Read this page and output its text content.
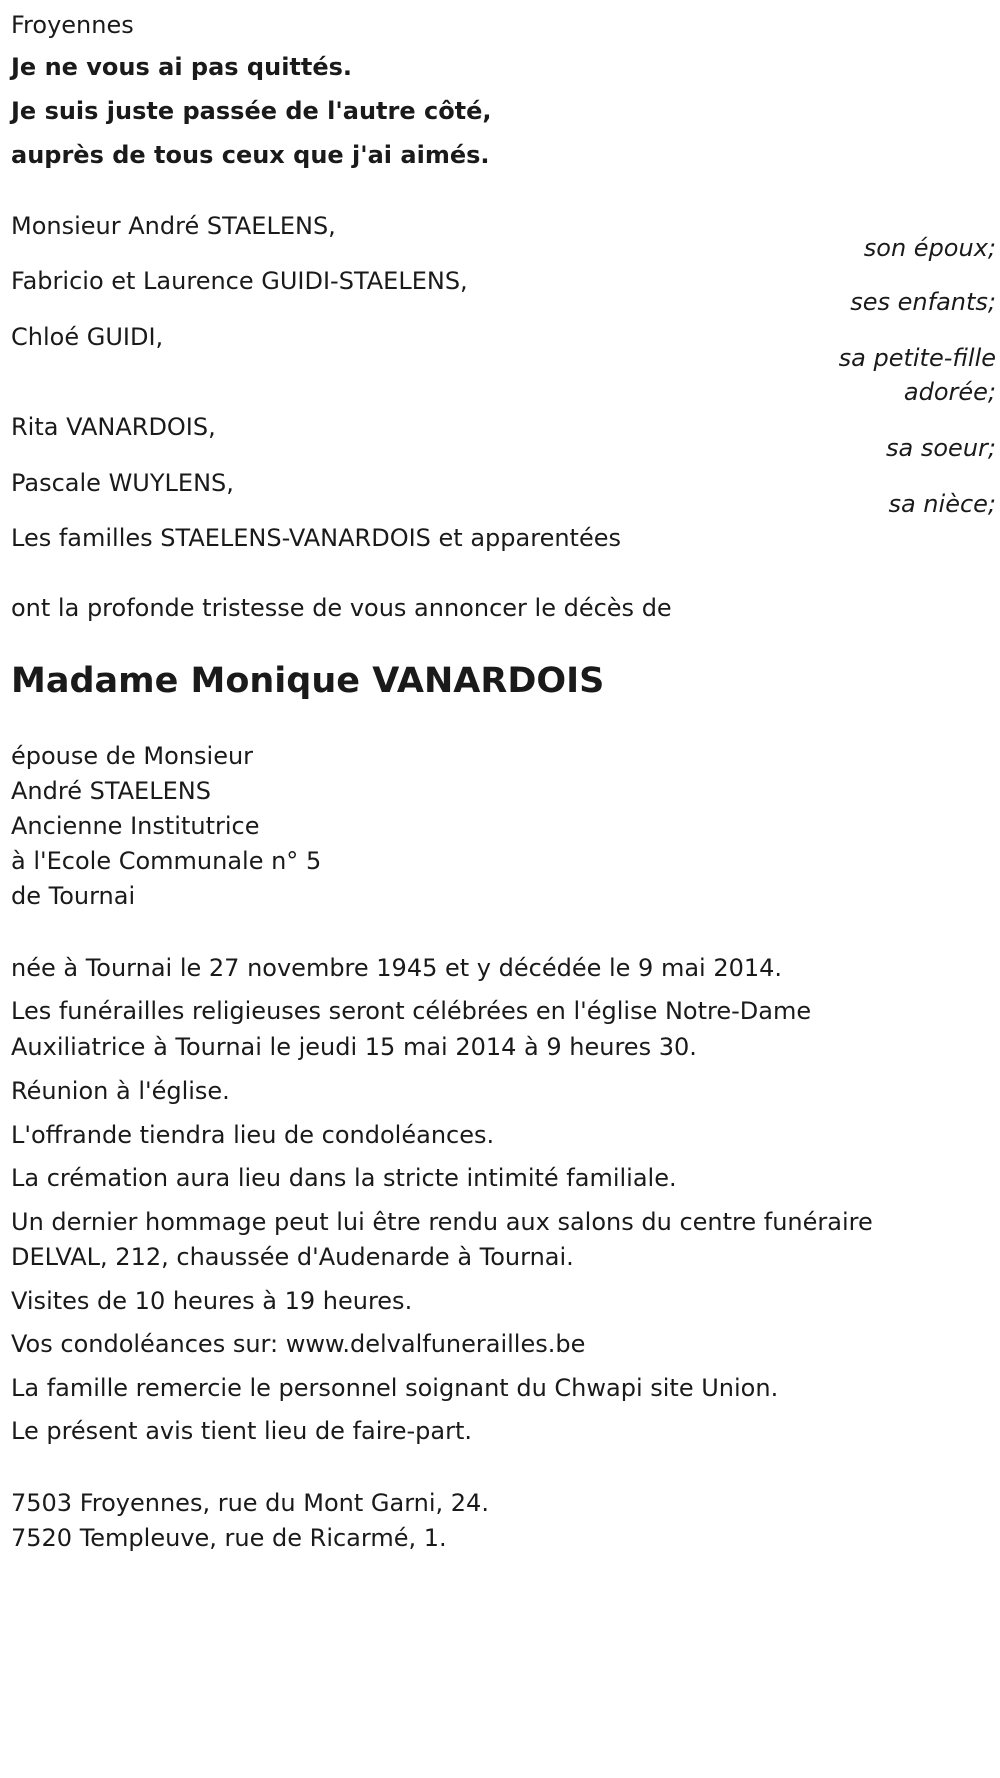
Froyennes
Je ne vous ai pas quittés.
Je suis juste passée de l'autre côté,
auprès de tous ceux que j'ai aimés.
Monsieur André STAELENS,
son époux;
Fabricio et Laurence GUIDI-STAELENS,
ses enfants;
Chloé GUIDI,
sa petite-fille
adorée;
Rita VANARDOIS,
sa soeur;
Pascale WUYLENS,
sa nièce;
Les familles STAELENS-VANARDOIS et apparentées
ont la profonde tristesse de vous annoncer le décès de
Madame Monique VANARDOIS
épouse de Monsieur
André STAELENS
Ancienne Institutrice
à l'Ecole Communale n° 5
de Tournai
née à Tournai le 27 novembre 1945 et y décédée le 9 mai 2014.
Les funérailles religieuses seront célébrées en l'église Notre-Dame
Auxiliatrice à Tournai le jeudi 15 mai 2014 à 9 heures 30.
Réunion à l'église.
L'offrande tiendra lieu de condoléances.
La crémation aura lieu dans la stricte intimité familiale.
Un dernier hommage peut lui être rendu aux salons du centre funéraire
DELVAL, 212, chaussée d'Audenarde à Tournai.
Visites de 10 heures à 19 heures.
Vos condoléances sur: www.delvalfunerailles.be
La famille remercie le personnel soignant du Chwapi site Union.
Le présent avis tient lieu de faire-part.
7503 Froyennes, rue du Mont Garni, 24.
7520 Templeuve, rue de Ricarmé, 1.
